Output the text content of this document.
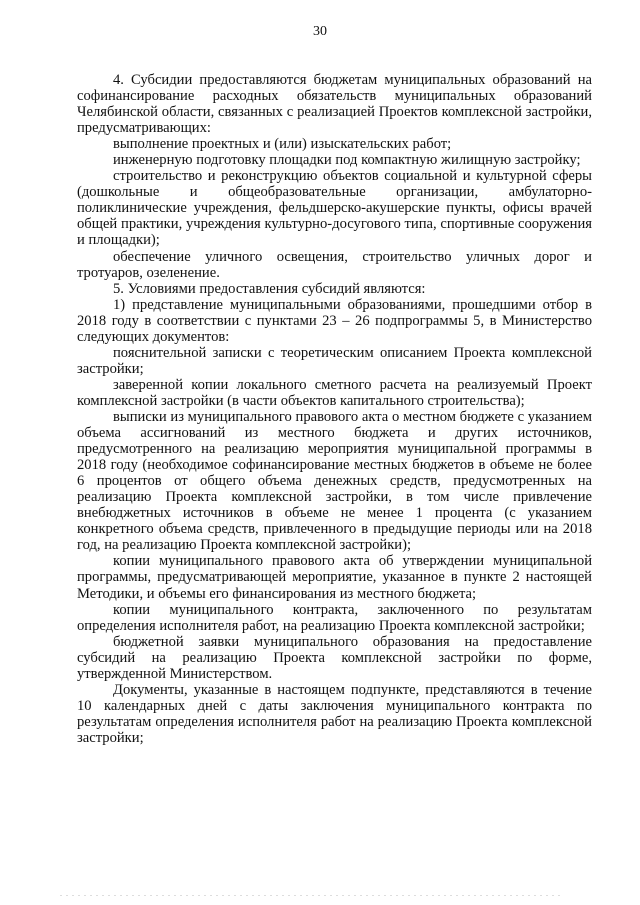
30

4. Субсидии предоставляются бюджетам муниципальных образований на софинансирование расходных обязательств муниципальных образований Челябинской области, связанных с реализацией Проектов комплексной застройки, предусматривающих:

выполнение проектных и (или) изыскательских работ;

инженерную подготовку площадки под компактную жилищную застройку;

строительство и реконструкцию объектов социальной и культурной сферы (дошкольные и общеобразовательные организации, амбулаторно-поликлинические учреждения, фельдшерско-акушерские пункты, офисы врачей общей практики, учреждения культурно-досугового типа, спортивные сооружения и площадки);

обеспечение уличного освещения, строительство уличных дорог и тротуаров, озеленение.

5. Условиями предоставления субсидий являются:

1) представление муниципальными образованиями, прошедшими отбор в 2018 году в соответствии с пунктами 23 – 26 подпрограммы 5, в Министерство следующих документов:

пояснительной записки с теоретическим описанием Проекта комплексной застройки;

заверенной копии локального сметного расчета на реализуемый Проект комплексной застройки (в части объектов капитального строительства);

выписки из муниципального правового акта о местном бюджете с указанием объема ассигнований из местного бюджета и других источников, предусмотренного на реализацию мероприятия муниципальной программы в 2018 году (необходимое софинансирование местных бюджетов в объеме не более 6 процентов от общего объема денежных средств, предусмотренных на реализацию Проекта комплексной застройки, в том числе привлечение внебюджетных источников в объеме не менее 1 процента (с указанием конкретного объема средств, привлеченного в предыдущие периоды или на 2018 год, на реализацию Проекта комплексной застройки);

копии муниципального правового акта об утверждении муниципальной программы, предусматривающей мероприятие, указанное в пункте 2 настоящей Методики, и объемы его финансирования из местного бюджета;

копии муниципального контракта, заключенного по результатам определения исполнителя работ, на реализацию Проекта комплексной застройки;

бюджетной заявки муниципального образования на предоставление субсидий на реализацию Проекта комплексной застройки по форме, утвержденной Министерством.

Документы, указанные в настоящем подпункте, представляются в течение 10 календарных дней с даты заключения муниципального контракта по результатам определения исполнителя работ на реализацию Проекта комплексной застройки;
